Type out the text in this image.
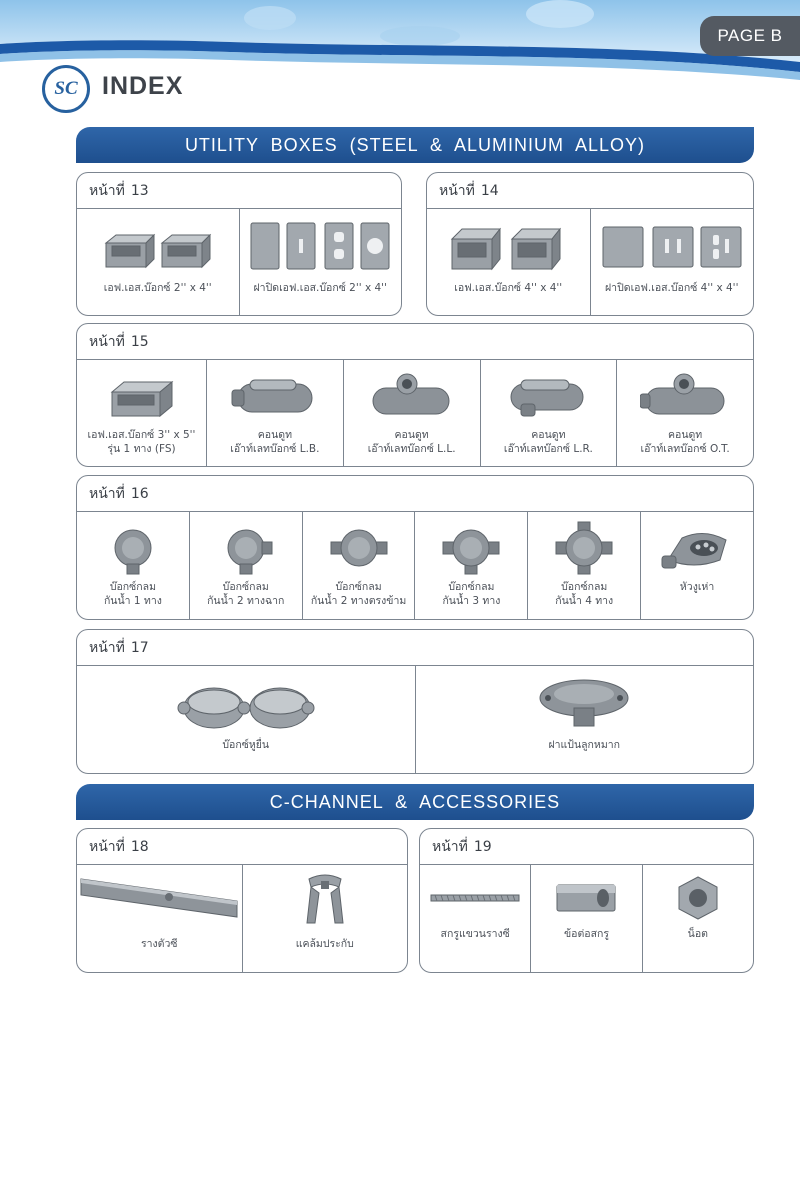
PAGE B
SC INDEX
UTILITY BOXES (STEEL & ALUMINIUM ALLOY)
หน้าที่ 13
เอฟ.เอส.บ๊อกซ์ 2'' x 4''	ฝาปิดเอฟ.เอส.บ๊อกซ์ 2'' x 4''
หน้าที่ 14
เอฟ.เอส.บ๊อกซ์ 4'' x 4''	ฝาปิดเอฟ.เอส.บ๊อกซ์ 4'' x 4''
หน้าที่ 15
เอฟ.เอส.บ๊อกซ์ 3'' x 5''
รุ่น 1 ทาง (FS)
คอนดูท
เอ๊าท์เลทบ๊อกซ์ L.B.
คอนดูท
เอ๊าท์เลทบ๊อกซ์ L.L.
คอนดูท
เอ๊าท์เลทบ๊อกซ์ L.R.
คอนดูท
เอ๊าท์เลทบ๊อกซ์ O.T.
หน้าที่ 16
บ๊อกซ์กลม
กันน้ำ 1 ทาง
บ๊อกซ์กลม
กันน้ำ 2 ทางฉาก
บ๊อกซ์กลม
กันน้ำ 2 ทางตรงข้าม
บ๊อกซ์กลม
กันน้ำ 3 ทาง
บ๊อกซ์กลม
กันน้ำ 4 ทาง
หัวงูเห่า
หน้าที่ 17
บ๊อกซ์หูยื่น	ฝาแป้นลูกหมาก
C-CHANNEL & ACCESSORIES
หน้าที่ 18
รางตัวซี	แคล้มประกับ
หน้าที่ 19
สกรูแขวนรางซี	ข้อต่อสกรู	น็อต
